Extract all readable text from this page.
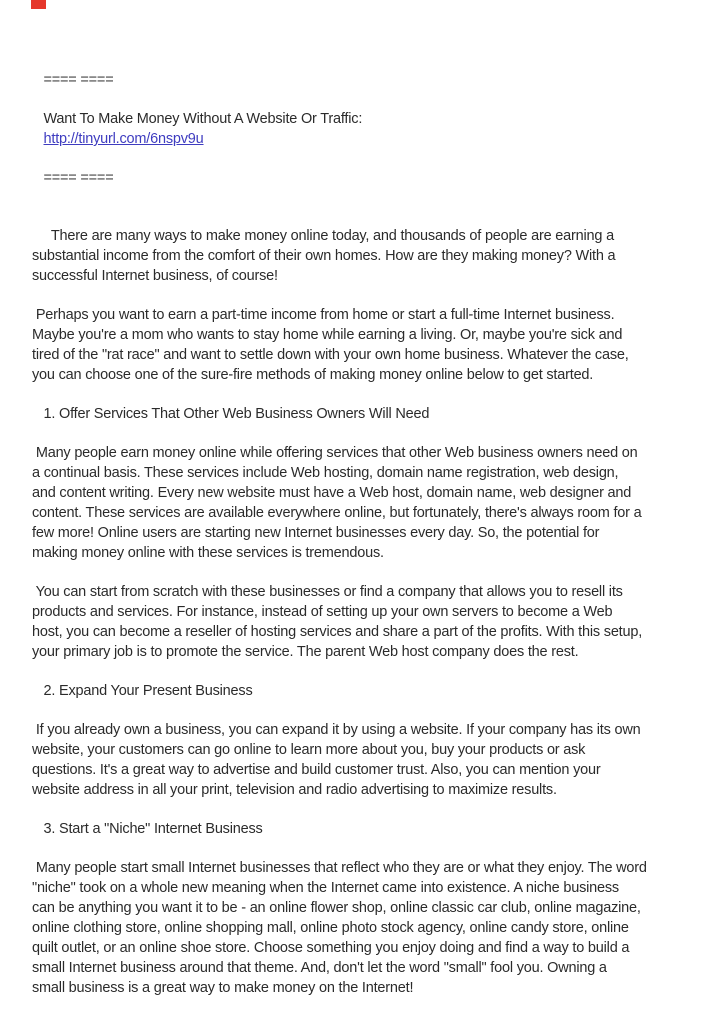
==== ====
Want To Make Money Without A Website Or Traffic:
http://tinyurl.com/6nspv9u
==== ====
There are many ways to make money online today, and thousands of people are earning a
substantial income from the comfort of their own homes. How are they making money? With a
successful Internet business, of course!
Perhaps you want to earn a part-time income from home or start a full-time Internet business.
Maybe you're a mom who wants to stay home while earning a living. Or, maybe you're sick and
tired of the "rat race" and want to settle down with your own home business. Whatever the case,
you can choose one of the sure-fire methods of making money online below to get started.
1. Offer Services That Other Web Business Owners Will Need
Many people earn money online while offering services that other Web business owners need on
a continual basis. These services include Web hosting, domain name registration, web design,
and content writing. Every new website must have a Web host, domain name, web designer and
content. These services are available everywhere online, but fortunately, there's always room for a
few more! Online users are starting new Internet businesses every day. So, the potential for
making money online with these services is tremendous.
You can start from scratch with these businesses or find a company that allows you to resell its
products and services. For instance, instead of setting up your own servers to become a Web
host, you can become a reseller of hosting services and share a part of the profits. With this setup,
your primary job is to promote the service. The parent Web host company does the rest.
2. Expand Your Present Business
If you already own a business, you can expand it by using a website. If your company has its own
website, your customers can go online to learn more about you, buy your products or ask
questions. It's a great way to advertise and build customer trust. Also, you can mention your
website address in all your print, television and radio advertising to maximize results.
3. Start a "Niche" Internet Business
Many people start small Internet businesses that reflect who they are or what they enjoy. The word
"niche" took on a whole new meaning when the Internet came into existence. A niche business
can be anything you want it to be - an online flower shop, online classic car club, online magazine,
online clothing store, online shopping mall, online photo stock agency, online candy store, online
quilt outlet, or an online shoe store. Choose something you enjoy doing and find a way to build a
small Internet business around that theme. And, don't let the word "small" fool you. Owning a
small business is a great way to make money on the Internet!
